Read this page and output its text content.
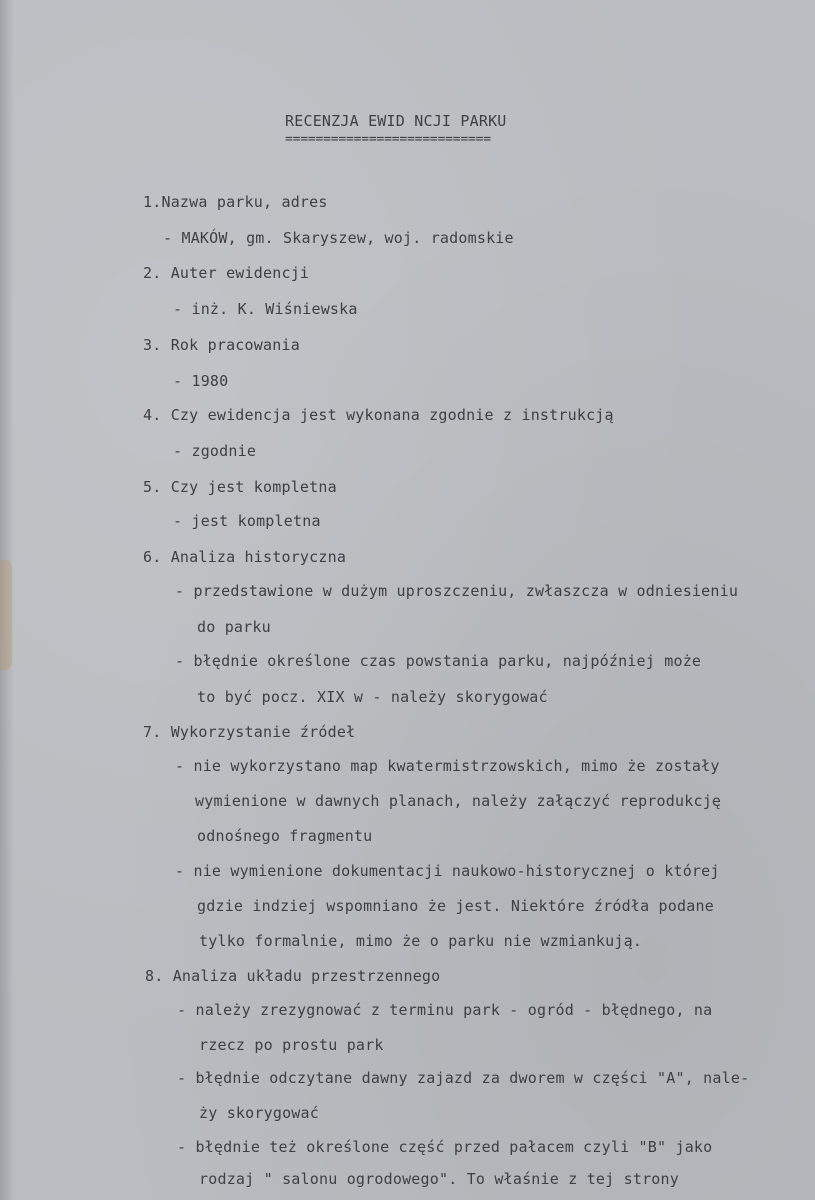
RECENZJA EWID NCJI PARKU
===========================
1.Nazwa parku, adres
- MAKÓW, gm. Skaryszew, woj. radomskie
2. Auter ewidencji
- inż. K. Wiśniewska
3. Rok pracowania
- 1980
4. Czy ewidencja jest wykonana zgodnie z instrukcją
- zgodnie
5. Czy jest kompletna
- jest kompletna
6. Analiza historyczna
- przedstawione w dużym uproszczeniu, zwłaszcza w odniesieniu
do parku
- błędnie określone czas powstania parku, najpóźniej może
to być pocz. XIX w - należy skorygować
7. Wykorzystanie źródeł
- nie wykorzystano map kwatermistrzowskich, mimo że zostały
wymienione w dawnych planach, należy załączyć reprodukcję
odnośnego fragmentu
- nie wymienione dokumentacji naukowo-historycznej o której
gdzie indziej wspomniano że jest. Niektóre źródła podane
tylko formalnie, mimo że o parku nie wzmiankują.
8. Analiza układu przestrzennego
- należy zrezygnować z terminu park - ogród - błędnego, na
rzecz po prostu park
- błędnie odczytane dawny zajazd za dworem w części "A", nale-
ży skorygować
- błędnie też określone część przed pałacem czyli "B" jako
rodzaj " salonu ogrodowego". To właśnie z tej strony
